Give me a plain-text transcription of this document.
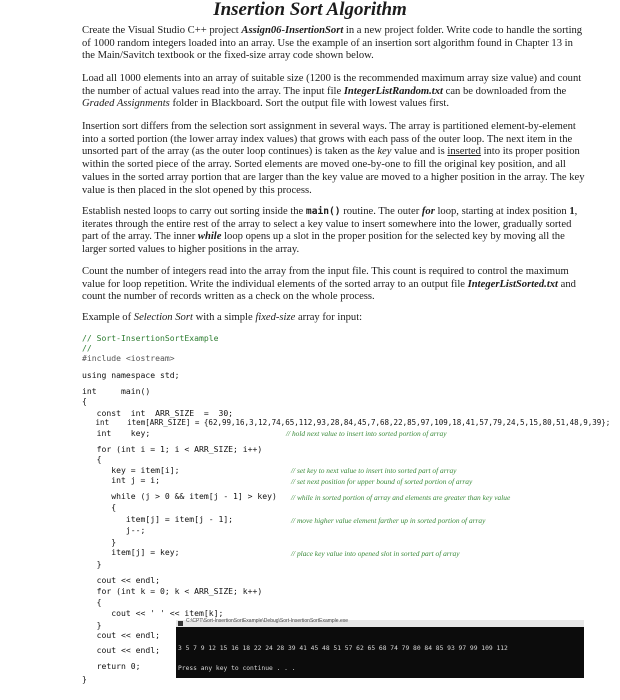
Insertion Sort Algorithm

Create the Visual Studio C++ project Assign06-InsertionSort in a new project folder. Write code to handle the sorting of 1000 random integers loaded into an array. Use the example of an insertion sort algorithm found in Chapter 13 in the Main/Savitch textbook or the fixed-size array code shown below.

Load all 1000 elements into an array of suitable size (1200 is the recommended maximum array size value) and count the number of actual values read into the array. The input file IntegerListRandom.txt can be downloaded from the Graded Assignments folder in Blackboard. Sort the output file with lowest values first.

Insertion sort differs from the selection sort assignment in several ways. The array is partitioned element-by-element into a sorted portion (the lower array index values) that grows with each pass of the outer loop. The next item in the unsorted part of the array (as the outer loop continues) is taken as the key value and is inserted into its proper position within the sorted piece of the array. Sorted elements are moved one-by-one to fill the original key position, and all values in the sorted array portion that are larger than the key value are moved to a higher position in the array. The key value is then placed in the slot opened by this process.

Establish nested loops to carry out sorting inside the main() routine. The outer for loop, starting at index position 1, iterates through the entire rest of the array to select a key value to insert somewhere into the lower, gradually sorted part of the array. The inner while loop opens up a slot in the proper position for the selected key by moving all the larger sorted values to higher positions in the array.

Count the number of integers read into the array from the input file. This count is required to control the maximum value for loop repetition. Write the individual elements of the sorted array to an output file IntegerListSorted.txt and count the number of records written as a check on the whole process.

Example of Selection Sort with a simple fixed-size array for input:

// Sort-InsertionSortExample
//
#include <iostream>
using namespace std;
int     main()
{
const  int  ARR_SIZE  =  30;
int    item[ARR_SIZE] = {62,99,16,3,12,74,65,112,93,28,84,45,7,68,22,85,97,109,18,41,57,79,24,5,15,80,51,48,9,39};
int    key;
for (int i = 1; i < ARR_SIZE; i++)
{
key = item[i];
int j = i;
while (j > 0 && item[j - 1] > key)
{
item[j] = item[j - 1];
j--;
}
item[j] = key;
}
cout << endl;
for (int k = 0; k < ARR_SIZE; k++)
{
cout << ' ' << item[k];
}
cout << endl;
cout << endl;
return 0;
}
// hold next value to insert into sorted portion of array
// set key to next value to insert into sorted part of array
// set next position for upper bound of sorted portion of array
// while in sorted portion of array and elements are greater than key value
// move higher value element farther up in sorted portion of array
// place key value into opened slot in sorted part of array
C:\CPT\Sort-InsertionSortExample\Debug\Sort-InsertionSortExample.exe
3 5 7 9 12 15 16 18 22 24 28 39 41 45 48 51 57 62 65 68 74 79 80 84 85 93 97 99 109 112
Press any key to continue . . .
